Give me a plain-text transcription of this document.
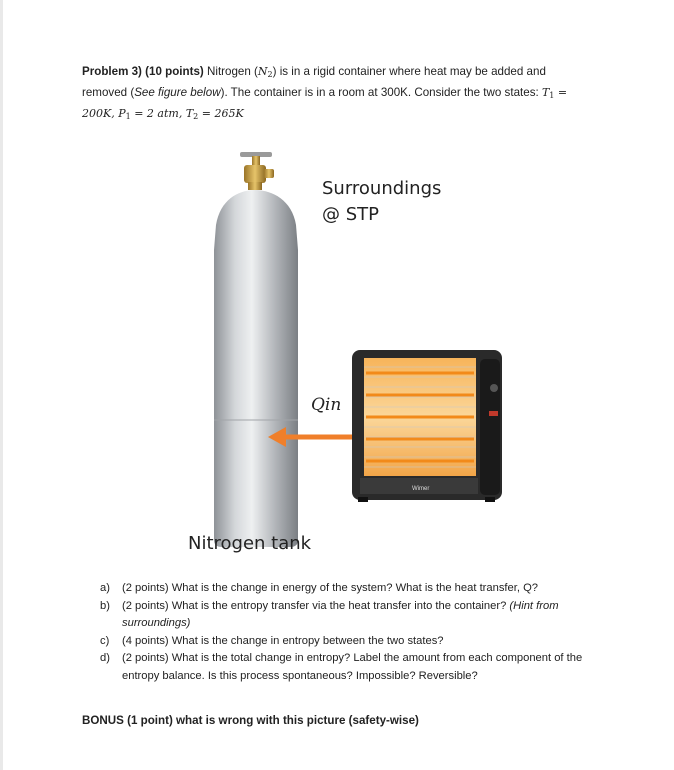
Problem 3) (10 points) Nitrogen $(N_2)$ is in a rigid container where heat may be added and removed (See figure below). The container is in a room at 300K. Consider the two states: $T_1 = 200K$, $P_1 = 2$ atm, $T_2 = 265K$
Wimer
Surroundings
@ STP
Qin
Nitrogen tank
a)	(2 points) What is the change in energy of the system? What is the heat transfer, Q?
b)	(2 points) What is the entropy transfer via the heat transfer into the container? (Hint from surroundings)
c)	(4 points) What is the change in entropy between the two states?
d)	(2 points) What is the total change in entropy? Label the amount from each component of the entropy balance. Is this process spontaneous? Impossible? Reversible?
BONUS (1 point) what is wrong with this picture (safety-wise)
